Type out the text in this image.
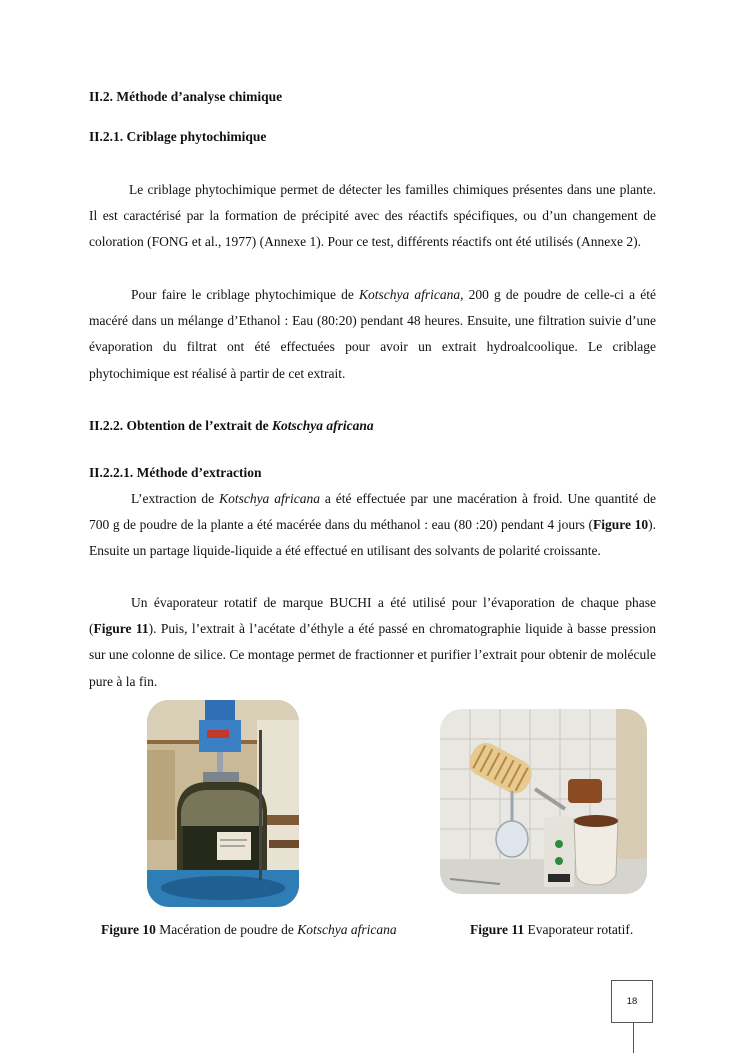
II.2. Méthode d’analyse chimique
II.2.1. Criblage phytochimique

Le criblage phytochimique permet de détecter les familles chimiques présentes dans une plante. Il est caractérisé par la formation de précipité avec des réactifs spécifiques, ou d’un changement de coloration (FONG et al., 1977) (Annexe 1). Pour ce test, différents réactifs ont été utilisés (Annexe 2).

Pour faire le criblage phytochimique de Kotschya africana, 200 g de poudre de celle-ci a été macéré dans un mélange d’Ethanol : Eau (80:20) pendant 48 heures. Ensuite, une filtration suivie d’une évaporation du filtrat ont été effectuées pour avoir un extrait hydroalcoolique. Le criblage phytochimique est réalisé à partir de cet extrait.

II.2.2. Obtention de l’extrait de Kotschya africana
II.2.2.1. Méthode d’extraction

L’extraction de Kotschya africana a été effectuée par une macération à froid. Une quantité de 700 g de poudre de la plante a été macérée dans du méthanol : eau (80 :20) pendant 4 jours (Figure 10). Ensuite un partage liquide-liquide a été effectué en utilisant des solvants de polarité croissante.

Un évaporateur rotatif de marque BUCHI a été utilisé pour l’évaporation de chaque phase (Figure 11). Puis, l’extrait à l’acétate d’éthyle a été passé en chromatographie liquide à basse pression sur une colonne de silice. Ce montage permet de fractionner et purifier l’extrait pour obtenir de molécule pure à la fin.

Figure 10 Macération de poudre de Kotschya africana	Figure 11 Evaporateur rotatif.
18
